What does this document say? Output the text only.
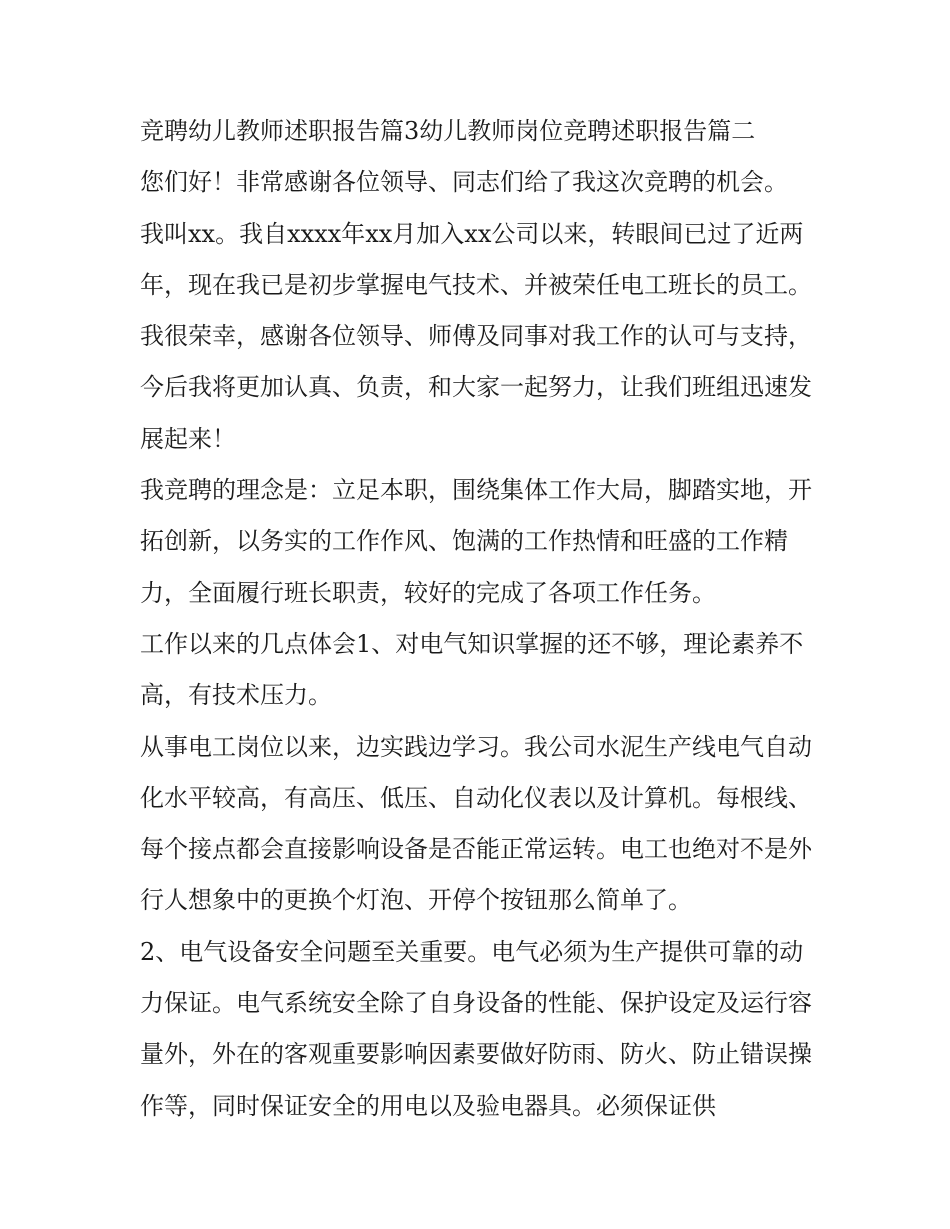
竞聘幼儿教师述职报告篇3幼儿教师岗位竞聘述职报告篇二

您们好！非常感谢各位领导、同志们给了我这次竞聘的机会。

我叫xx。我自xxxx年xx月加入xx公司以来，转眼间已过了近两年，现在我已是初步掌握电气技术、并被荣任电工班长的员工。我很荣幸，感谢各位领导、师傅及同事对我工作的认可与支持，今后我将更加认真、负责，和大家一起努力，让我们班组迅速发展起来！

我竞聘的理念是：立足本职，围绕集体工作大局，脚踏实地，开拓创新，以务实的工作作风、饱满的工作热情和旺盛的工作精力，全面履行班长职责，较好的完成了各项工作任务。

工作以来的几点体会1、对电气知识掌握的还不够，理论素养不高，有技术压力。

从事电工岗位以来，边实践边学习。我公司水泥生产线电气自动化水平较高，有高压、低压、自动化仪表以及计算机。每根线、每个接点都会直接影响设备是否能正常运转。电工也绝对不是外行人想象中的更换个灯泡、开停个按钮那么简单了。

2、电气设备安全问题至关重要。电气必须为生产提供可靠的动力保证。电气系统安全除了自身设备的性能、保护设定及运行容量外，外在的客观重要影响因素要做好防雨、防火、防止错误操作等，同时保证安全的用电以及验电器具。必须保证供
